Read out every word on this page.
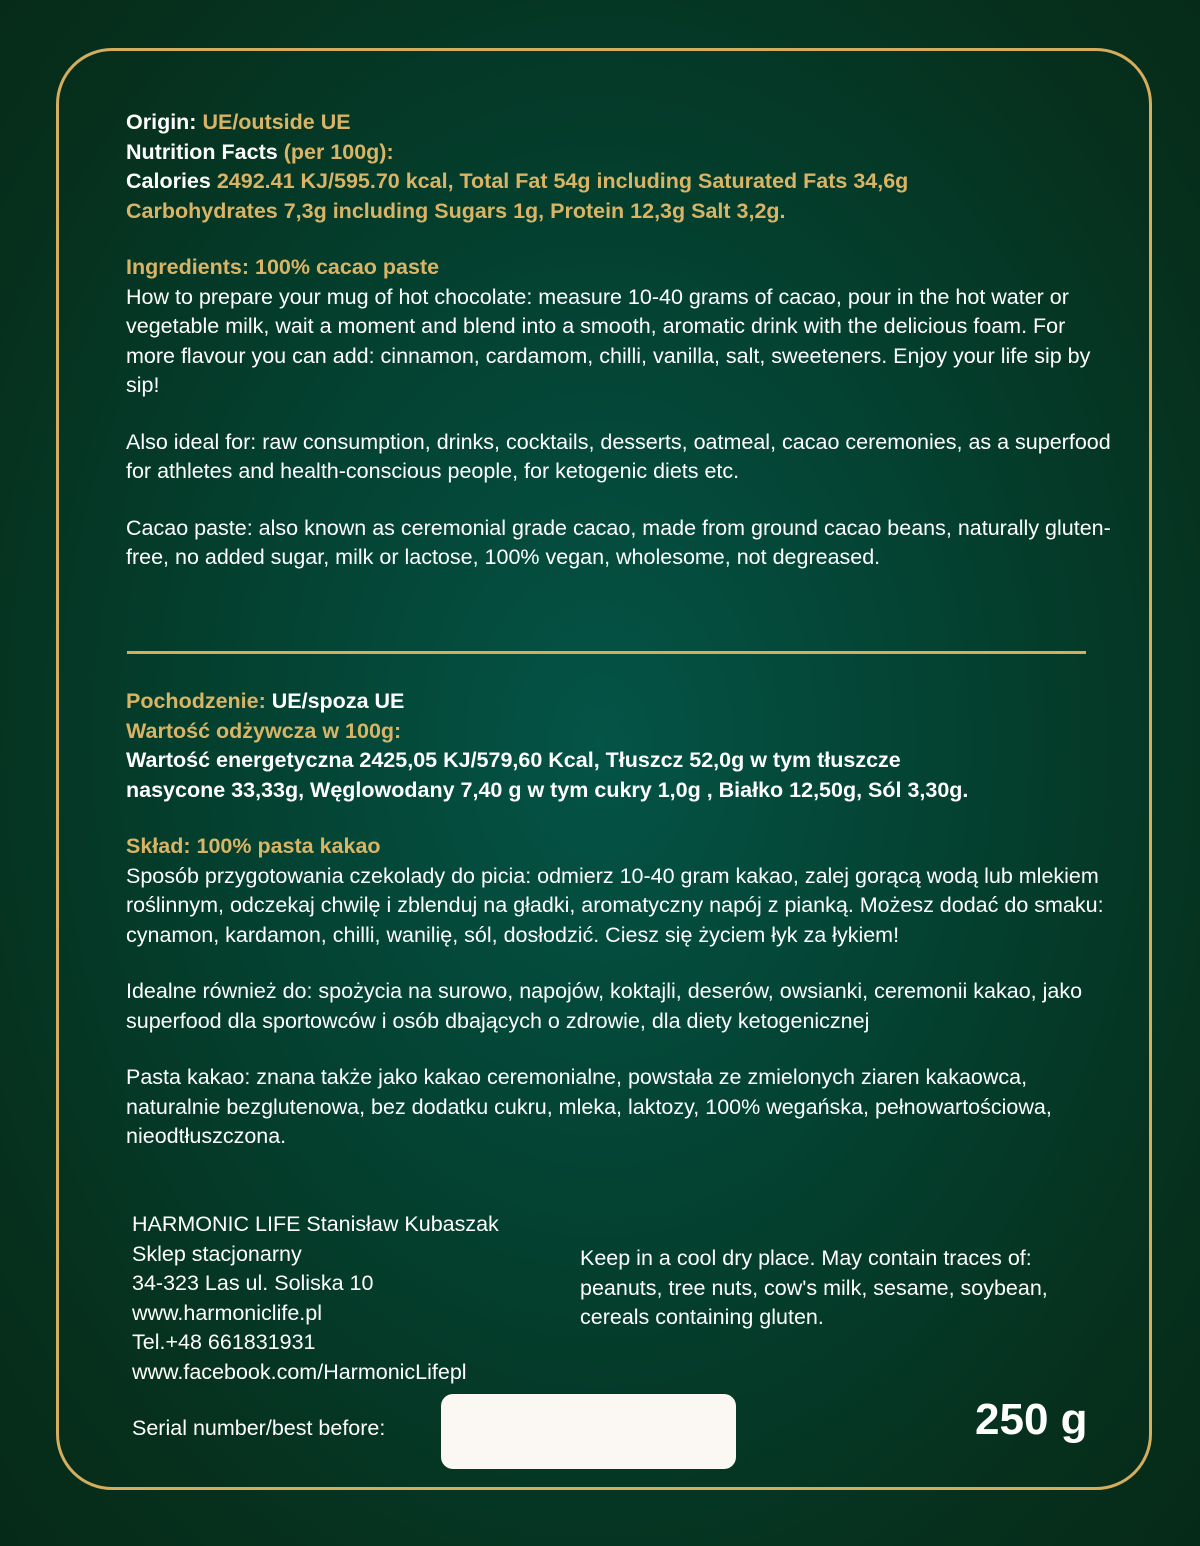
Origin: UE/outside UE

Nutrition Facts (per 100g):

Calories 2492.41 KJ/595.70 kcal, Total Fat 54g including Saturated Fats 34,6g

Carbohydrates 7,3g including Sugars 1g, Protein 12,3g Salt 3,2g.

Ingredients: 100% cacao paste

How to prepare your mug of hot chocolate: measure 10-40 grams of cacao, pour in the hot water or vegetable milk, wait a moment and blend into a smooth, aromatic drink with the delicious foam. For more flavour you can add: cinnamon, cardamom, chilli, vanilla, salt, sweeteners. Enjoy your life sip by sip!

Also ideal for: raw consumption, drinks, cocktails, desserts, oatmeal, cacao ceremonies, as a superfood for athletes and health-conscious people, for ketogenic diets etc.

Cacao paste: also known as ceremonial grade cacao, made from ground cacao beans, naturally gluten-free, no added sugar, milk or lactose, 100% vegan, wholesome, not degreased.

Pochodzenie: UE/spoza UE

Wartość odżywcza w 100g:

Wartość energetyczna 2425,05 KJ/579,60 Kcal, Tłuszcz 52,0g w tym tłuszcze

nasycone 33,33g, Węglowodany 7,40 g w tym cukry 1,0g , Białko 12,50g, Sól 3,30g.

Skład: 100% pasta kakao

Sposób przygotowania czekolady do picia: odmierz 10-40 gram kakao, zalej gorącą wodą lub mlekiem roślinnym, odczekaj chwilę i zblenduj na gładki, aromatyczny napój z pianką. Możesz dodać do smaku: cynamon, kardamon, chilli, wanilię, sól, dosłodzić. Ciesz się życiem łyk za łykiem!

Idealne również do: spożycia na surowo, napojów, koktajli, deserów, owsianki, ceremonii kakao, jako superfood dla sportowców i osób dbających o zdrowie, dla diety ketogenicznej

Pasta kakao: znana także jako kakao ceremonialne, powstała ze zmielonych ziaren kakaowca, naturalnie bezglutenowa, bez dodatku cukru, mleka, laktozy, 100% wegańska, pełnowartościowa, nieodtłuszczona.

HARMONIC LIFE Stanisław Kubaszak
Sklep stacjonarny
34-323 Las ul. Soliska 10
www.harmoniclife.pl
Tel.+48 661831931
www.facebook.com/HarmonicLifepl
Keep in a cool dry place. May contain traces of: peanuts, tree nuts, cow's milk, sesame, soybean, cereals containing gluten.
Serial number/best before:	250 g
